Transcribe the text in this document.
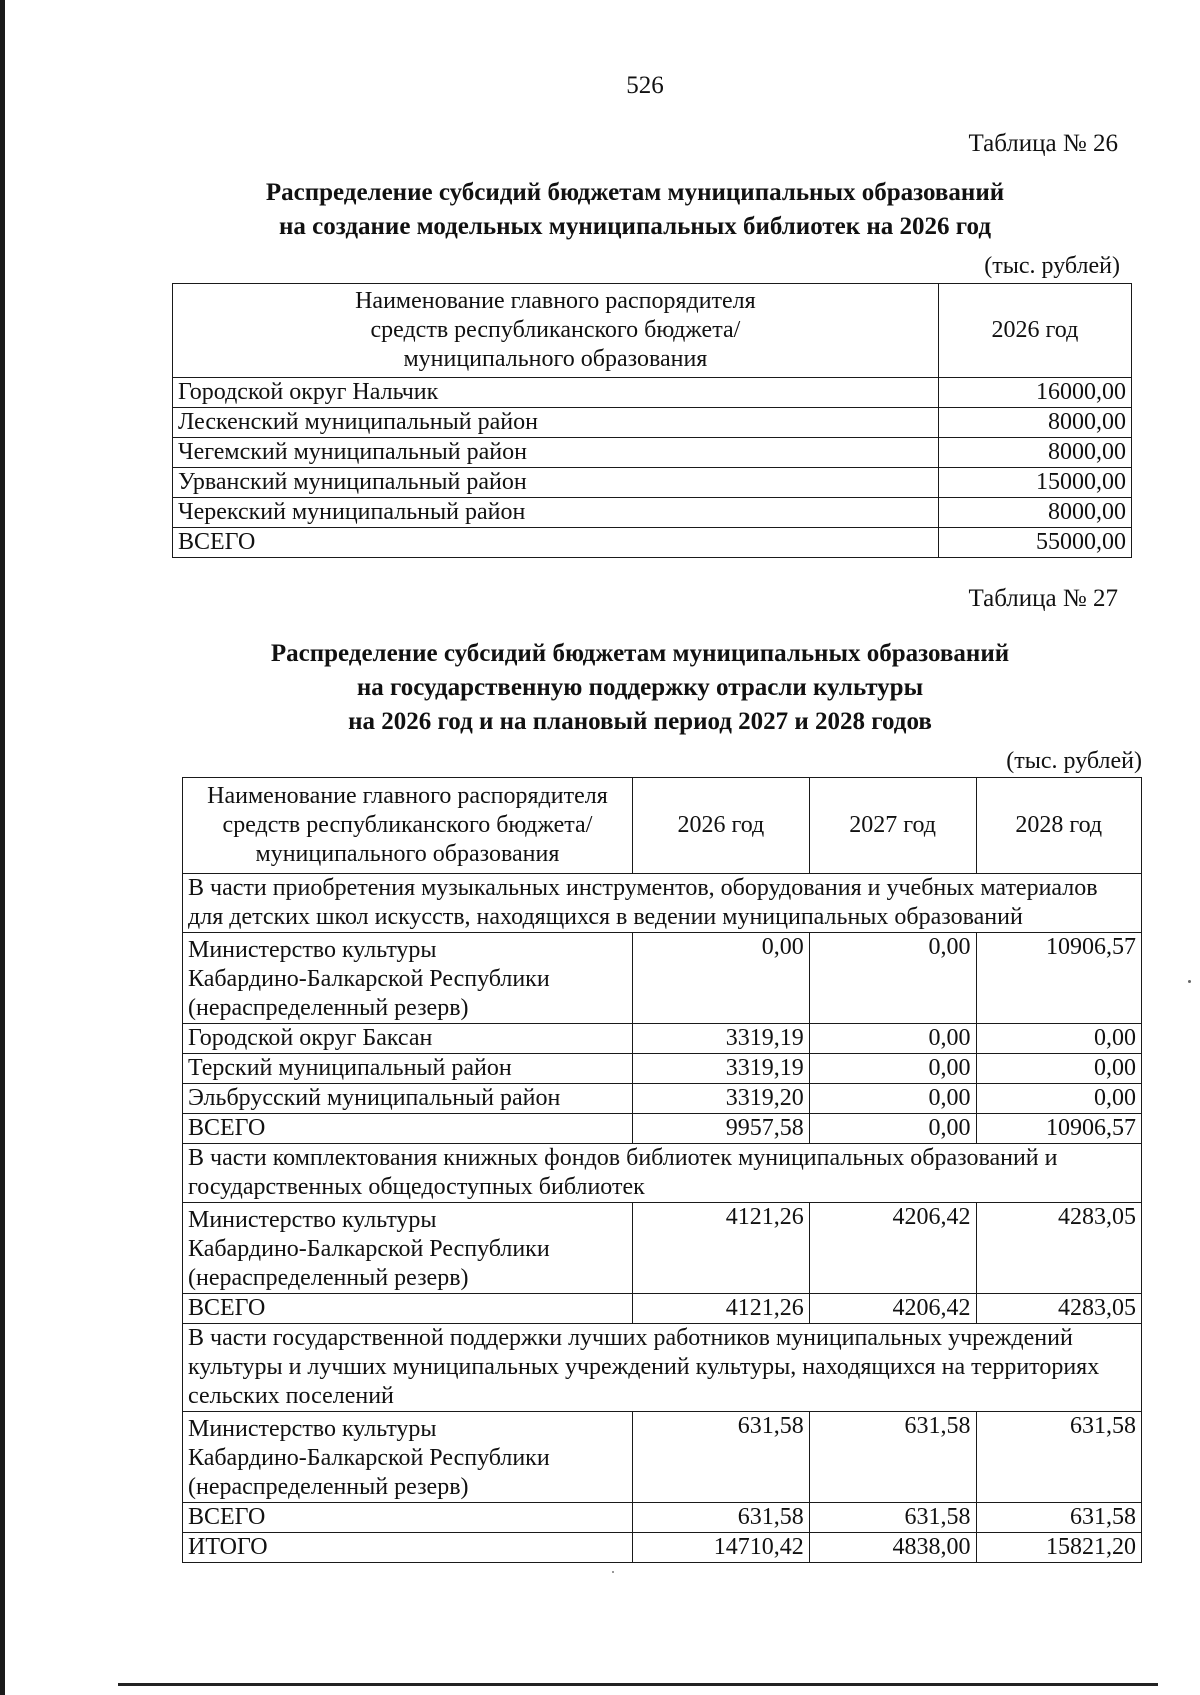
526
Таблица № 26
Распределение субсидий бюджетам муниципальных образований
на создание модельных муниципальных библиотек на 2026 год
(тыс. рублей)
Наименование главного распорядителя
средств республиканского бюджета/
муниципального образования	2026 год
Городской округ Нальчик	16000,00
Лескенский муниципальный район	8000,00
Чегемский муниципальный район	8000,00
Урванский муниципальный район	15000,00
Черекский муниципальный район	8000,00
ВСЕГО	55000,00
Таблица № 27
Распределение субсидий бюджетам муниципальных образований
на государственную поддержку отрасли культуры
на 2026 год и на плановый период 2027 и 2028 годов
(тыс. рублей)
Наименование главного распорядителя
средств республиканского бюджета/
муниципального образования	2026 год	2027 год	2028 год
В части приобретения музыкальных инструментов, оборудования и учебных материалов для детских школ искусств, находящихся в ведении муниципальных образований			

Министерство культуры
Кабардино-Балкарской Республики
(нераспределенный резерв)	0,00	0,00	10906,57
Городской округ Баксан	3319,19	0,00	0,00
Терский муниципальный район	3319,19	0,00	0,00
Эльбрусский муниципальный район	3319,20	0,00	0,00
ВСЕГО	9957,58	0,00	10906,57
В части комплектования книжных фондов библиотек муниципальных образований и государственных общедоступных библиотек			

Министерство культуры
Кабардино-Балкарской Республики
(нераспределенный резерв)	4121,26	4206,42	4283,05
ВСЕГО	4121,26	4206,42	4283,05
В части государственной поддержки лучших работников муниципальных учреждений культуры и лучших муниципальных учреждений культуры, находящихся на территориях сельских поселений			

Министерство культуры
Кабардино-Балкарской Республики
(нераспределенный резерв)	631,58	631,58	631,58
ВСЕГО	631,58	631,58	631,58
ИТОГО	14710,42	4838,00	15821,20
